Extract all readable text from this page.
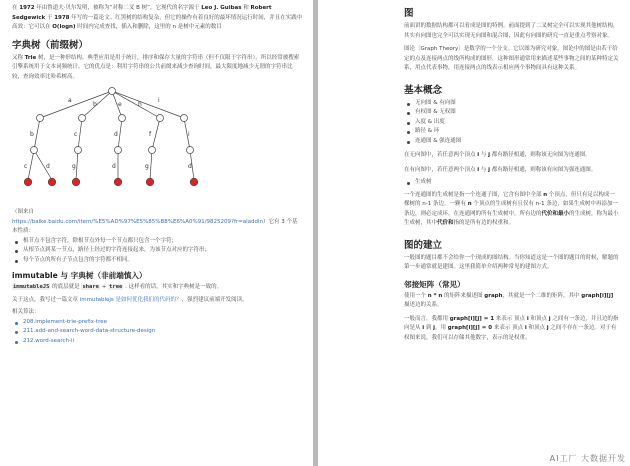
在 1972 年由鲁道夫·贝尔发明，被称为“对称二叉 B 树”，它现代的名字源于 Leo J. Guibas 和 Robert Sedgewick 于 1978 年写的一篇论文。红黑树的结构复杂，但它的操作有着良好的最坏情况运行时间，并且在实践中高效：它可以在 O(logn) 时间内完成查找，插入和删除，这里的 n 是树中元素的数目

字典树（前缀树）

又称 Trie 树，是一种形结构。典型应用是用于统计，排序和保存大量的字符串（但不仅限于字符串），所以经常被搜索引擎系统用于文本词频统计。它的优点是：利用字符串的公共前缀来减少查询时间，最大限度地减少无谓的字符串比较，查询效率比哈希树高。

a
b	e	h
i
b	c	d	f	i
c	d	g	d	g	d

（图来自
https://baike.baidu.com/item/%E5%AD%97%E5%85%B8%E6%A0%91/9825209?fr=aladdin）它有 3 个基本性质：

根节点不包含字符，除根节点外每一个节点都只包含一个字符；
从根节点到某一节点，路径上经过的字符连接起来，为该节点对应的字符串；
每个节点的所有子节点包含的字符都不相同。
immutable 与 字典树（非前端慎入）

immutableJS 的底层就是 share + tree . 这样看的话，其实和字典树是一致的。

关于这点，我写过一篇文章 immutablejs 是如何优化我们的代码的？，强烈建议前端开发阅读。

相关算法：

208.implement-trie-prefix-tree
211.add-and-search-word-data-structure-design
212.word-search-ii
图

前面讲的数据结构都可以看成是图的特例。前面提到了二叉树完全可以实现其他树结构，其实有向图也完全可以实现无向图和混合图，因此有向图的研究一直是重点考察对象。

图论〔Graph Theory〕是数学的一个分支。它以图为研究对象。图论中的图是由若干给定的点及连接两点的线所构成的图形，这种图形通常用来描述某些事物之间的某种特定关系，用点代表事物，用连接两点的线表示相应两个事物间具有这种关系。

基本概念
无向图 & 有向图
有权图 & 无权图
入度 & 出度
路径 & 环
连通图 & 强连通图

在无向图中，若任意两个顶点 i 与 j 都有路径相通，则称该无向图为连通图。

在有向图中，若任意两个顶点 i 与 j 都有路径相通，则称该有向图为强连通图。

生成树

一个连通图的生成树是指一个连通子图，它含有图中全部 n 个顶点，但只有足以构成一棵树的 n-1 条边。一颗有 n 个顶点的生成树有且仅有 n-1 条边，如果生成树中再添加一条边，则必定成环。在连通网的所有生成树中，所有边的代价和最小的生成树，称为最小生成树，其中代价和指的是所有边的权重和。

图的建立

一般图的题目都不会给你一个现成的图结构。当你知道这是一个图的题目的时候，解题的第一步通常就是建图。这里我简单介绍两种常见的建图方式。

邻接矩阵（常见）

使用一个 n * n 的矩阵来描述图 graph，其就是一个二维的矩阵，其中 graph[i][j] 描述边的关系。

一般而言，我都用 graph[i][j] = 1 来表示 顶点 i 和顶点 j 之间有一条边，并且边的指向是从 i 到 j。用 graph[i][j] = 0 来表示 顶点 i 和顶点 j 之间不存在一条边。对于有权图来说，我们可以存储其他数字，表示的是权重。

AI工厂 大数据开发
